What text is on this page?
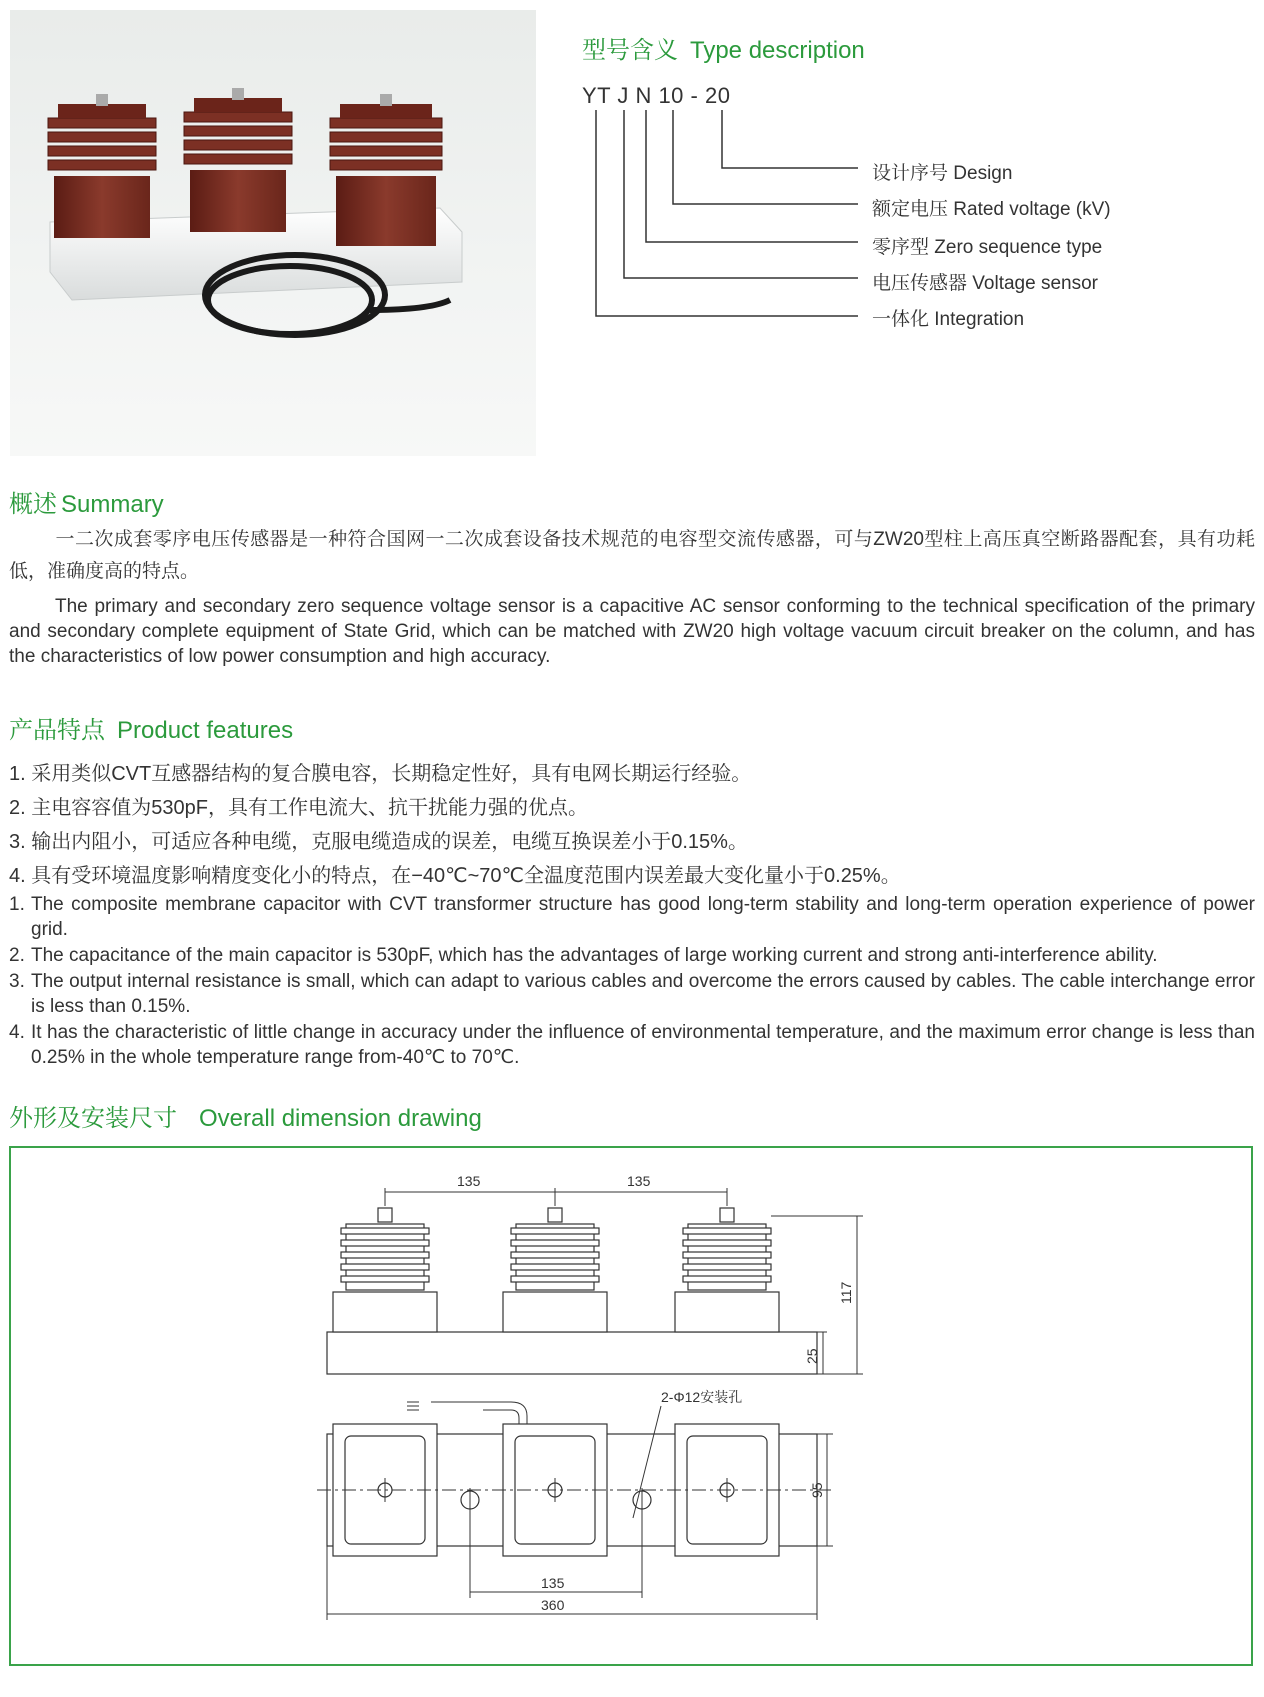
型号含义 Type description
YT J N 10 - 20
设计序号 Design
额定电压 Rated voltage (kV)
零序型 Zero sequence type
电压传感器 Voltage sensor
一体化 Integration
概述 Summary
一二次成套零序电压传感器是一种符合国网一二次成套设备技术规范的电容型交流传感器，可与ZW20型柱上高压真空断路器配套，具有功耗低，准确度高的特点。
The primary and secondary zero sequence voltage sensor is a capacitive AC sensor conforming to the technical specification of the primary and secondary complete equipment of State Grid, which can be matched with ZW20 high voltage vacuum circuit breaker on the column, and has the characteristics of low power consumption and high accuracy.
产品特点 Product features
1. 采用类似CVT互感器结构的复合膜电容，长期稳定性好，具有电网长期运行经验。
2. 主电容容值为530pF，具有工作电流大、抗干扰能力强的优点。
3. 输出内阻小，可适应各种电缆，克服电缆造成的误差，电缆互换误差小于0.15%。
4. 具有受环境温度影响精度变化小的特点，在−40℃~70℃全温度范围内误差最大变化量小于0.25%。
1. The composite membrane capacitor with CVT transformer structure has good long-term stability and long-term operation experience of power grid.
2. The capacitance of the main capacitor is 530pF, which has the advantages of large working current and strong anti-interference ability.
3. The output internal resistance is small, which can adapt to various cables and overcome the errors caused by cables. The cable interchange error is less than 0.15%.
4. It has the characteristic of little change in accuracy under the influence of environmental temperature, and the maximum error change is less than 0.25% in the whole temperature range from-40℃ to 70℃.
外形及安装尺寸 Overall dimension drawing
135	135
117
25
2-Φ12安装孔
95
135
360
